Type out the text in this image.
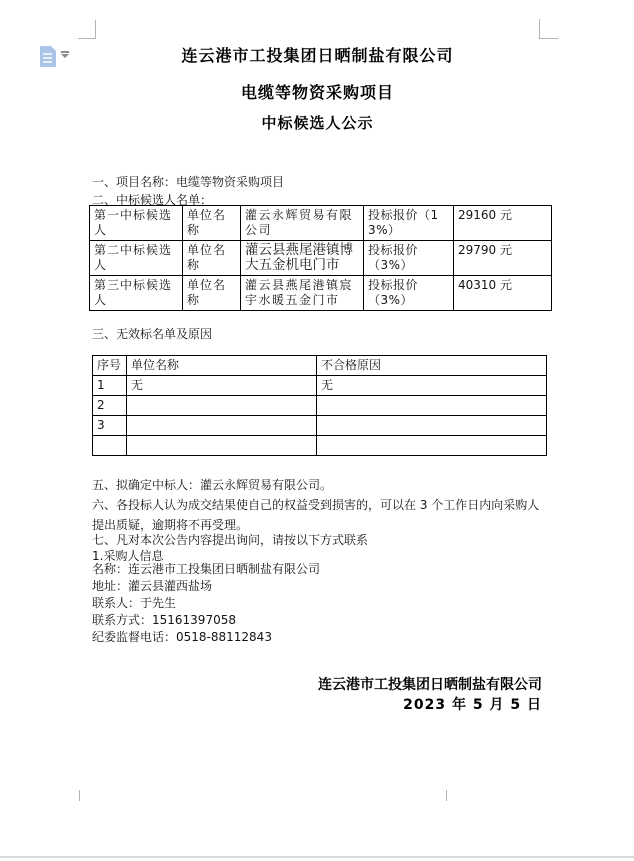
连云港市工投集团日晒制盐有限公司
电缆等物资采购项目
中标候选人公示
一、项目名称：电缆等物资采购项目
二、中标候选人名单：
第一中标候选人	单位名称	灌云永辉贸易有限公司	投标报价（13%）	29160 元
第二中标候选人	单位名称	灌云县燕尾港镇博大五金机电门市	投标报价（3%）	29790 元
第三中标候选人	单位名称	灌云县燕尾港镇宸宇水暖五金门市	投标报价（3%）	40310 元
三、无效标名单及原因
序号	单位名称	不合格原因
1	无	无
2		
3		

五、拟确定中标人：灌云永辉贸易有限公司。
六、各投标人认为成交结果使自己的权益受到损害的，可以在 3 个工作日内向采购人提出质疑，逾期将不再受理。
七、凡对本次公告内容提出询问，请按以下方式联系
1.采购人信息
名称：连云港市工投集团日晒制盐有限公司
地址：灌云县灌西盐场
联系人：于先生
联系方式：15161397058
纪委监督电话：0518-88112843
连云港市工投集团日晒制盐有限公司
2023 年 5 月 5 日
